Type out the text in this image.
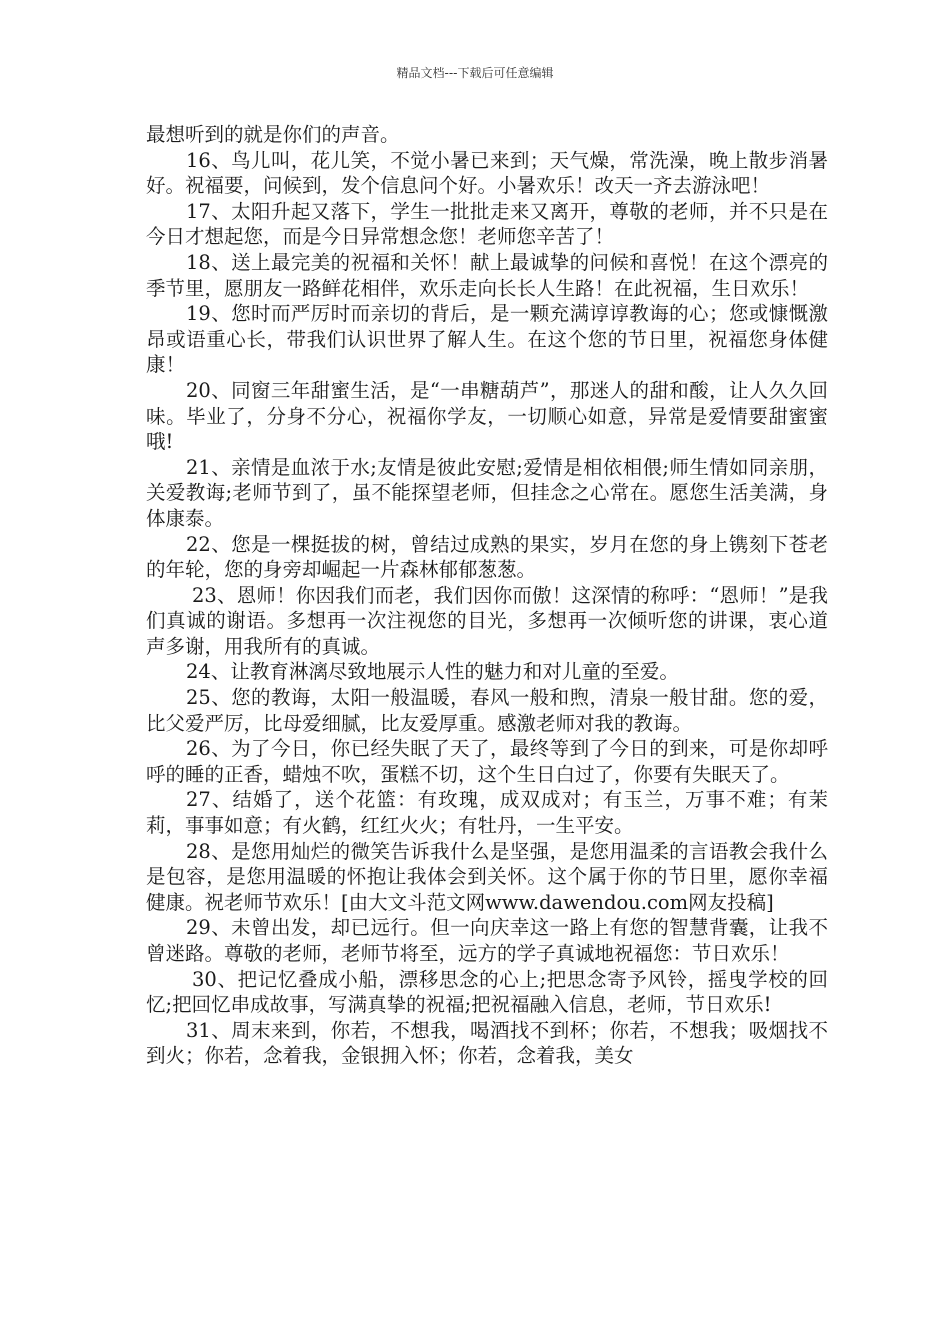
精品文档---下载后可任意编辑

最想听到的就是你们的声音。

16、鸟儿叫，花儿笑，不觉小暑已来到；天气燥，常洗澡，晚上散步消暑好。祝福要，问候到，发个信息问个好。小暑欢乐！改天一齐去游泳吧！

17、太阳升起又落下，学生一批批走来又离开，尊敬的老师，并不只是在今日才想起您，而是今日异常想念您！老师您辛苦了！

18、送上最完美的祝福和关怀！献上最诚挚的问候和喜悦！在这个漂亮的季节里，愿朋友一路鲜花相伴，欢乐走向长长人生路！在此祝福，生日欢乐！

19、您时而严厉时而亲切的背后，是一颗充满谆谆教诲的心；您或慷慨激昂或语重心长，带我们认识世界了解人生。在这个您的节日里，祝福您身体健康！

20、同窗三年甜蜜生活，是“一串糖葫芦”，那迷人的甜和酸，让人久久回味。毕业了，分身不分心，祝福你学友，一切顺心如意，异常是爱情要甜蜜蜜哦!

21、亲情是血浓于水;友情是彼此安慰;爱情是相依相偎;师生情如同亲朋，关爱教诲;老师节到了，虽不能探望老师，但挂念之心常在。愿您生活美满，身体康泰。

22、您是一棵挺拔的树，曾结过成熟的果实，岁月在您的身上镌刻下苍老的年轮，您的身旁却崛起一片森林郁郁葱葱。

23、恩师！你因我们而老，我们因你而傲！这深情的称呼：“恩师！”是我们真诚的谢语。多想再一次注视您的目光，多想再一次倾听您的讲课，衷心道声多谢，用我所有的真诚。

24、让教育淋漓尽致地展示人性的魅力和对儿童的至爱。

25、您的教诲，太阳一般温暖，春风一般和煦，清泉一般甘甜。您的爱，比父爱严厉，比母爱细腻，比友爱厚重。感激老师对我的教诲。

26、为了今日，你已经失眠了天了，最终等到了今日的到来，可是你却呼呼的睡的正香，蜡烛不吹，蛋糕不切，这个生日白过了，你要有失眠天了。

27、结婚了，送个花篮：有玫瑰，成双成对；有玉兰，万事不难；有茉莉，事事如意；有火鹤，红红火火；有牡丹，一生平安。

28、是您用灿烂的微笑告诉我什么是坚强，是您用温柔的言语教会我什么是包容，是您用温暖的怀抱让我体会到关怀。这个属于你的节日里，愿你幸福健康。祝老师节欢乐！[由大文斗范文网www.dawendou.com网友投稿]

29、未曾出发，却已远行。但一向庆幸这一路上有您的智慧背囊，让我不曾迷路。尊敬的老师，老师节将至，远方的学子真诚地祝福您：节日欢乐！

30、把记忆叠成小船，漂移思念的心上;把思念寄予风铃，摇曳学校的回忆;把回忆串成故事，写满真挚的祝福;把祝福融入信息，老师，节日欢乐!

31、周末来到，你若，不想我，喝酒找不到杯；你若，不想我；吸烟找不到火；你若，念着我，金银拥入怀；你若，念着我，美女
